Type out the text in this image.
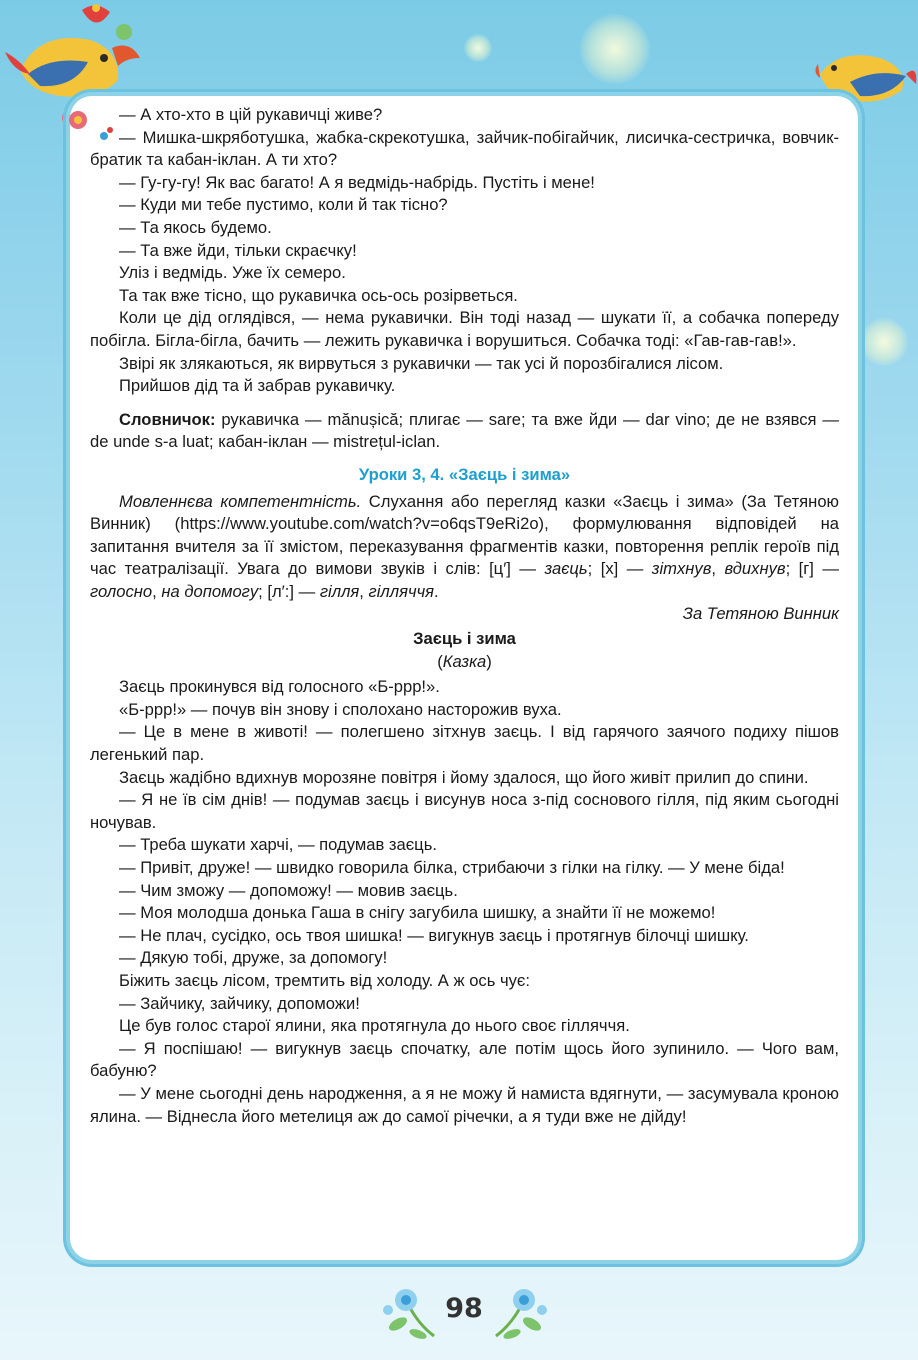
— А хто-хто в цій рукавичці живе?

— Мишка-шкряботушка, жабка-скрекотушка, зайчик-побігайчик, лисичка-сестричка, вовчик-братик та кабан-іклан. А ти хто?

— Гу-гу-гу! Як вас багато! А я ведмідь-набрідь. Пустіть і мене!

— Куди ми тебе пустимо, коли й так тісно?

— Та якось будемо.

— Та вже йди, тільки скраєчку!

Уліз і ведмідь. Уже їх семеро.

Та так вже тісно, що рукавичка ось-ось розірветься.

Коли це дід оглядівся, — нема рукавички. Він тоді назад — шукати її, а собачка попереду побігла. Бігла-бігла, бачить — лежить рукавичка і ворушиться. Собачка тоді: «Гав-гав-гав!».

Звірі як злякаються, як вирвуться з рукавички — так усі й порозбігалися лісом.

Прийшов дід та й забрав рукавичку.

Словничок: рукавичка — mănușică; плигає — sare; та вже йди — dar vino; де не взявся — de unde s-a luat; кабан-іклан — mistrețul-iclan.

Уроки 3, 4. «Заєць і зима»

Мовленнєва компетентність. Слухання або перегляд казки «Заєць і зима» (За Тетяною Винник) (https://www.youtube.com/watch?v=o6qsT9eRi2o), формулювання відповідей на запитання вчителя за її змістом, переказування фрагментів казки, повторення реплік героїв під час театралізації. Увага до вимови звуків і слів: [ц′] — заєць; [х] — зітхнув, вдихнув; [г] — голосно, на допомогу; [л′:] — гілля, гілляччя.

За Тетяною Винник

Заєць і зима

(Казка)

Заєць прокинувся від голосного «Б-ррр!».

«Б-ррр!» — почув він знову і сполохано насторожив вуха.

— Це в мене в животі! — полегшено зітхнув заєць. І від гарячого заячого подиху пішов легенький пар.

Заєць жадібно вдихнув морозяне повітря і йому здалося, що його живіт прилип до спини.

— Я не їв сім днів! — подумав заєць і висунув носа з-під соснового гілля, під яким сьогодні ночував.

— Треба шукати харчі, — подумав заєць.

— Привіт, друже! — швидко говорила білка, стрибаючи з гілки на гілку. — У мене біда!

— Чим зможу — допоможу! — мовив заєць.

— Моя молодша донька Гаша в снігу загубила шишку, а знайти її не можемо!

— Не плач, сусідко, ось твоя шишка! — вигукнув заєць і протягнув білочці шишку.

— Дякую тобі, друже, за допомогу!

Біжить заєць лісом, тремтить від холоду. А ж ось чує:

— Зайчику, зайчику, допоможи!

Це був голос старої ялини, яка протягнула до нього своє гілляччя.

— Я поспішаю! — вигукнув заєць спочатку, але потім щось його зупинило. — Чого вам, бабуню?

— У мене сьогодні день народження, а я не можу й намиста вдягнути, — засумувала кроною ялина. — Віднесла його метелиця аж до самої річечки, а я туди вже не дійду!

98
